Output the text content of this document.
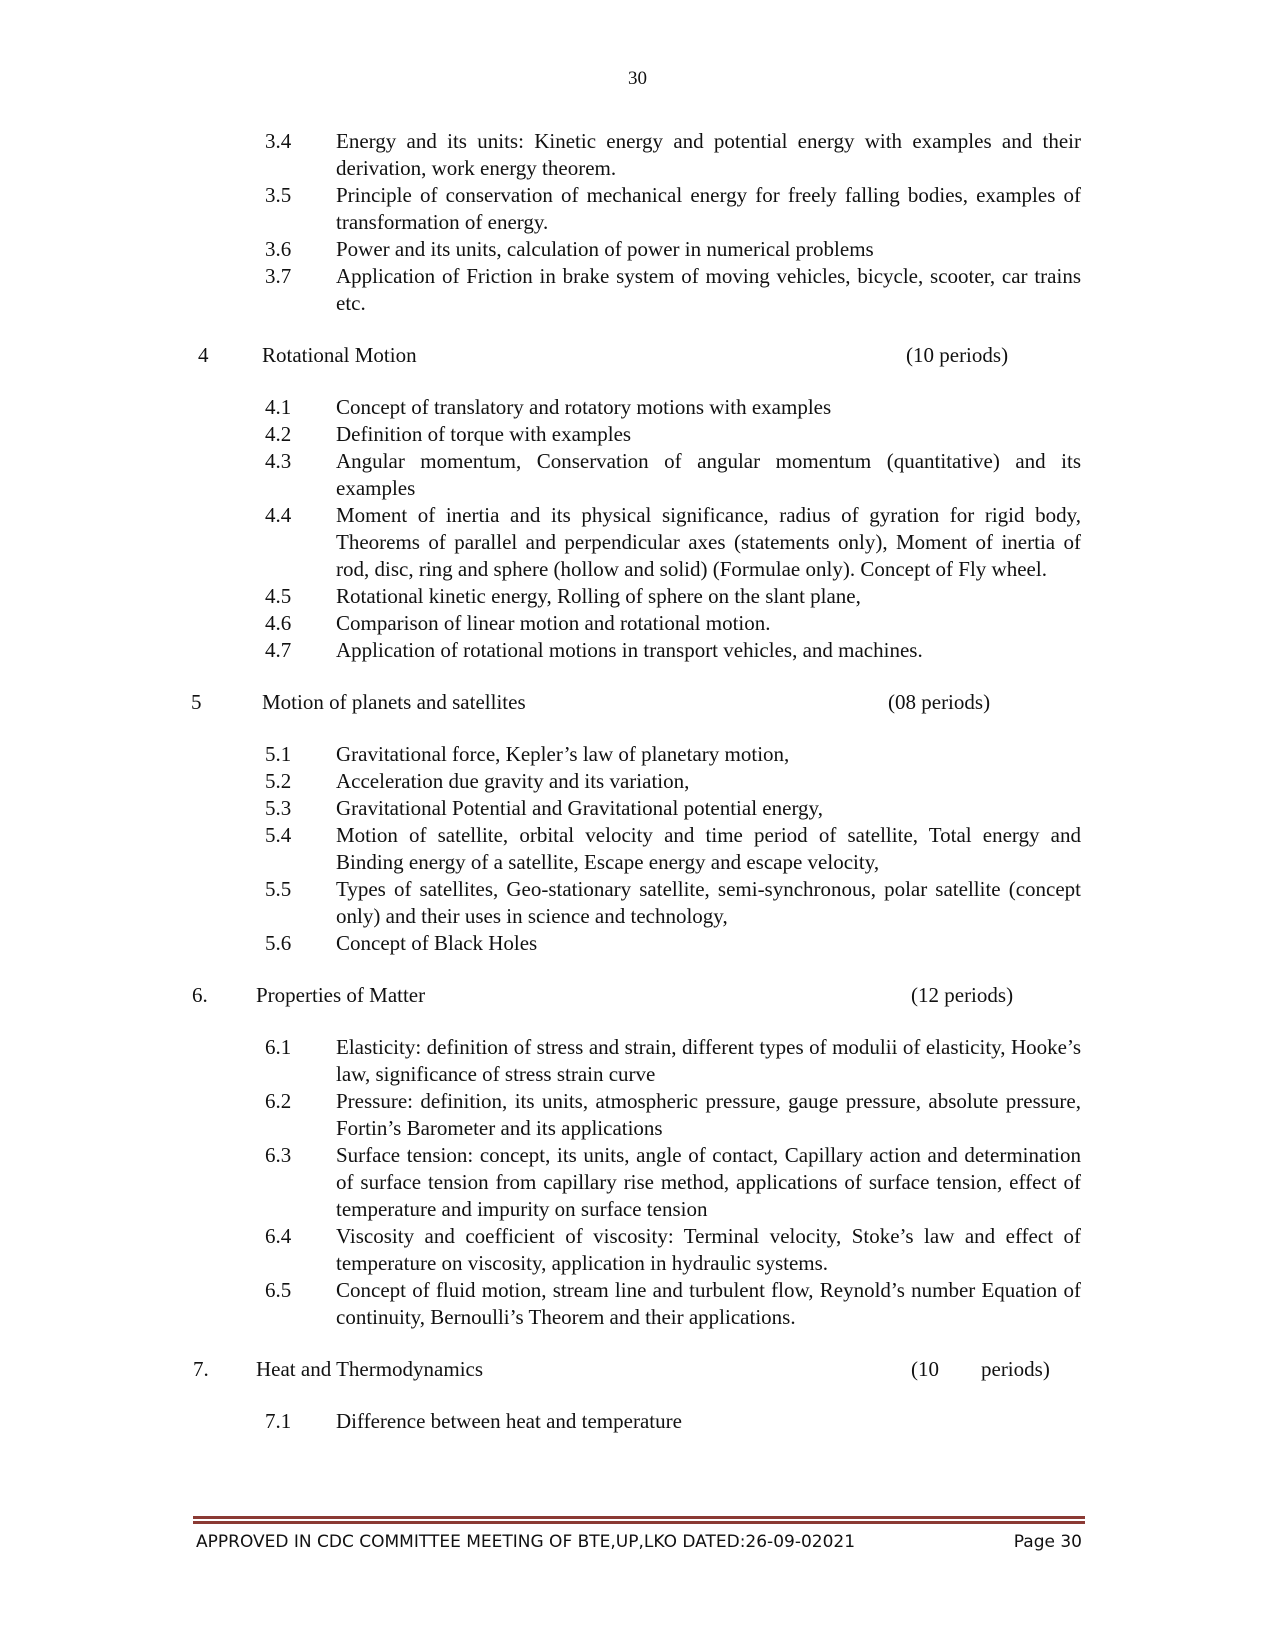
30
3.4 Energy and its units: Kinetic energy and potential energy with examples and their derivation, work energy theorem.
3.5 Principle of conservation of mechanical energy for freely falling bodies, examples of transformation of energy.
3.6 Power and its units, calculation of power in numerical problems
3.7 Application of Friction in brake system of moving vehicles, bicycle, scooter, car trains etc.
4	Rotational Motion	(10 periods)
4.1 Concept of translatory and rotatory motions with examples
4.2 Definition of torque with examples
4.3 Angular momentum, Conservation of angular momentum (quantitative) and its examples
4.4 Moment of inertia and its physical significance, radius of gyration for rigid body, Theorems of parallel and perpendicular axes (statements only), Moment of inertia of rod, disc, ring and sphere (hollow and solid) (Formulae only). Concept of Fly wheel.
4.5 Rotational kinetic energy, Rolling of sphere on the slant plane,
4.6 Comparison of linear motion and rotational motion.
4.7 Application of rotational motions in transport vehicles, and machines.
5	Motion of planets and satellites	(08 periods)
5.1 Gravitational force, Kepler’s law of planetary motion,
5.2 Acceleration due gravity and its variation,
5.3 Gravitational Potential and Gravitational potential energy,
5.4 Motion of satellite, orbital velocity and time period of satellite, Total energy and Binding energy of a satellite, Escape energy and escape velocity,
5.5 Types of satellites, Geo-stationary satellite, semi-synchronous, polar satellite (concept only) and their uses in science and technology,
5.6 Concept of Black Holes
6. Properties of Matter	(12 periods)
6.1 Elasticity: definition of stress and strain, different types of modulii of elasticity, Hooke’s law, significance of stress strain curve
6.2 Pressure: definition, its units, atmospheric pressure, gauge pressure, absolute pressure, Fortin’s Barometer and its applications
6.3 Surface tension: concept, its units, angle of contact, Capillary action and determination of surface tension from capillary rise method, applications of surface tension, effect of temperature and impurity on surface tension
6.4 Viscosity and coefficient of viscosity: Terminal velocity, Stoke’s law and effect of temperature on viscosity, application in hydraulic systems.
6.5 Concept of fluid motion, stream line and turbulent flow, Reynold’s number Equation of continuity, Bernoulli’s Theorem and their applications.
7. Heat and Thermodynamics	(10        periods)
7.1 Difference between heat and temperature
APPROVED IN CDC COMMITTEE MEETING OF BTE,UP,LKO DATED:26-09-02021	Page 30
